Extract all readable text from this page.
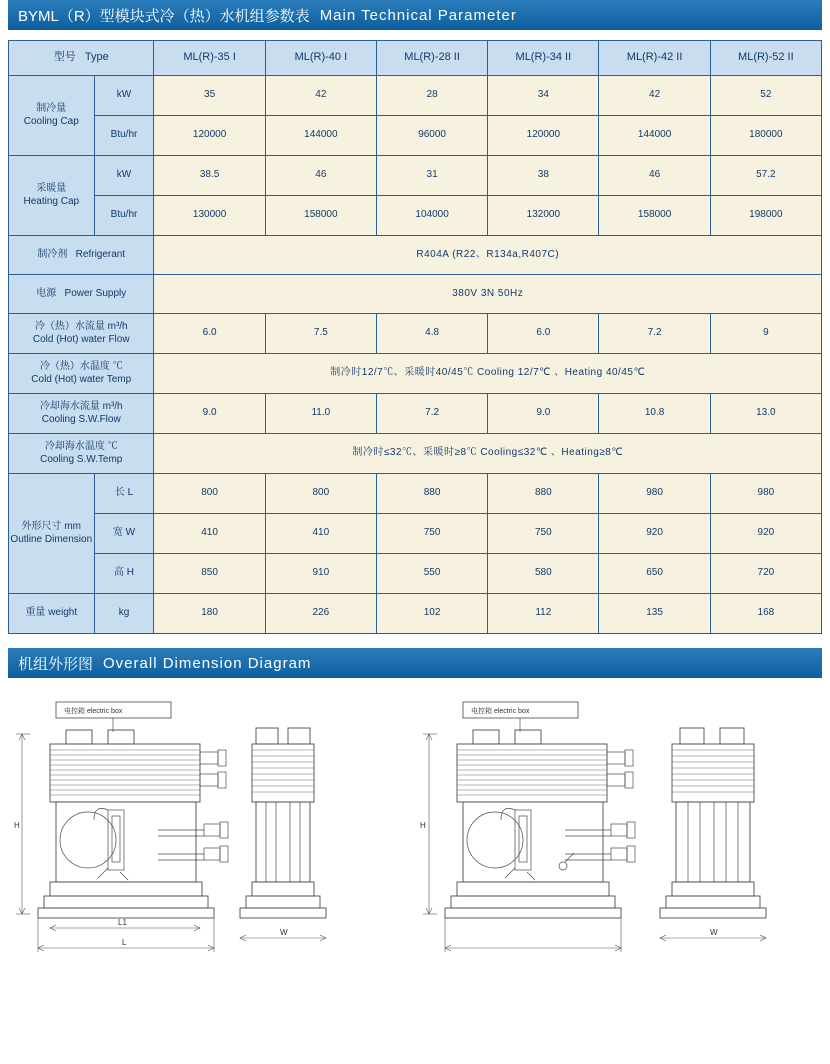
BYML（R）型模块式冷（热）水机组参数表 Main Technical Parameter
型号 Type		ML(R)-35 I	ML(R)-40 I	ML(R)-28 II	ML(R)-34 II	ML(R)-42 II	ML(R)-52 II

制冷量
Cooling Cap	kW	35	42	28	34	42	52
	Btu/hr	120000	144000	96000	120000	144000	180000

采暖量
Heating Cap	kW	38.5	46	31	38	46	57.2
	Btu/hr	130000	158000	104000	132000	158000	198000
制冷剂 Refrigerant		R404A (R22、R134a,R407C)					
电源 Power Supply		380V 3N 50Hz					

冷（热）水流量 m³/h
Cold (Hot) water Flow		6.0	7.5	4.8	6.0	7.2	9

冷（热）水温度 ℃
Cold (Hot) water Temp		制冷时12/7℃、采暖时40/45℃ Cooling 12/7℃ 、Heating 40/45℃					

冷却海水流量 m³/h
Cooling S.W.Flow		9.0	11.0	7.2	9.0	10.8	13.0

冷却海水温度 ℃
Cooling S.W.Temp		制冷时≤32℃、采暖时≥8℃ Cooling≤32℃ 、Heating≥8℃					

外形尺寸 mm
Outline Dimension	长 L	800	800	880	880	980	980
	宽 W	410	410	750	750	920	920
	高 H	850	910	550	580	650	720
重量 weight	kg	180	226	102	112	135	168
机组外形图 Overall Dimension Diagram
电控箱 electric box
H
L1
L
W
电控箱 electric box
H
W
